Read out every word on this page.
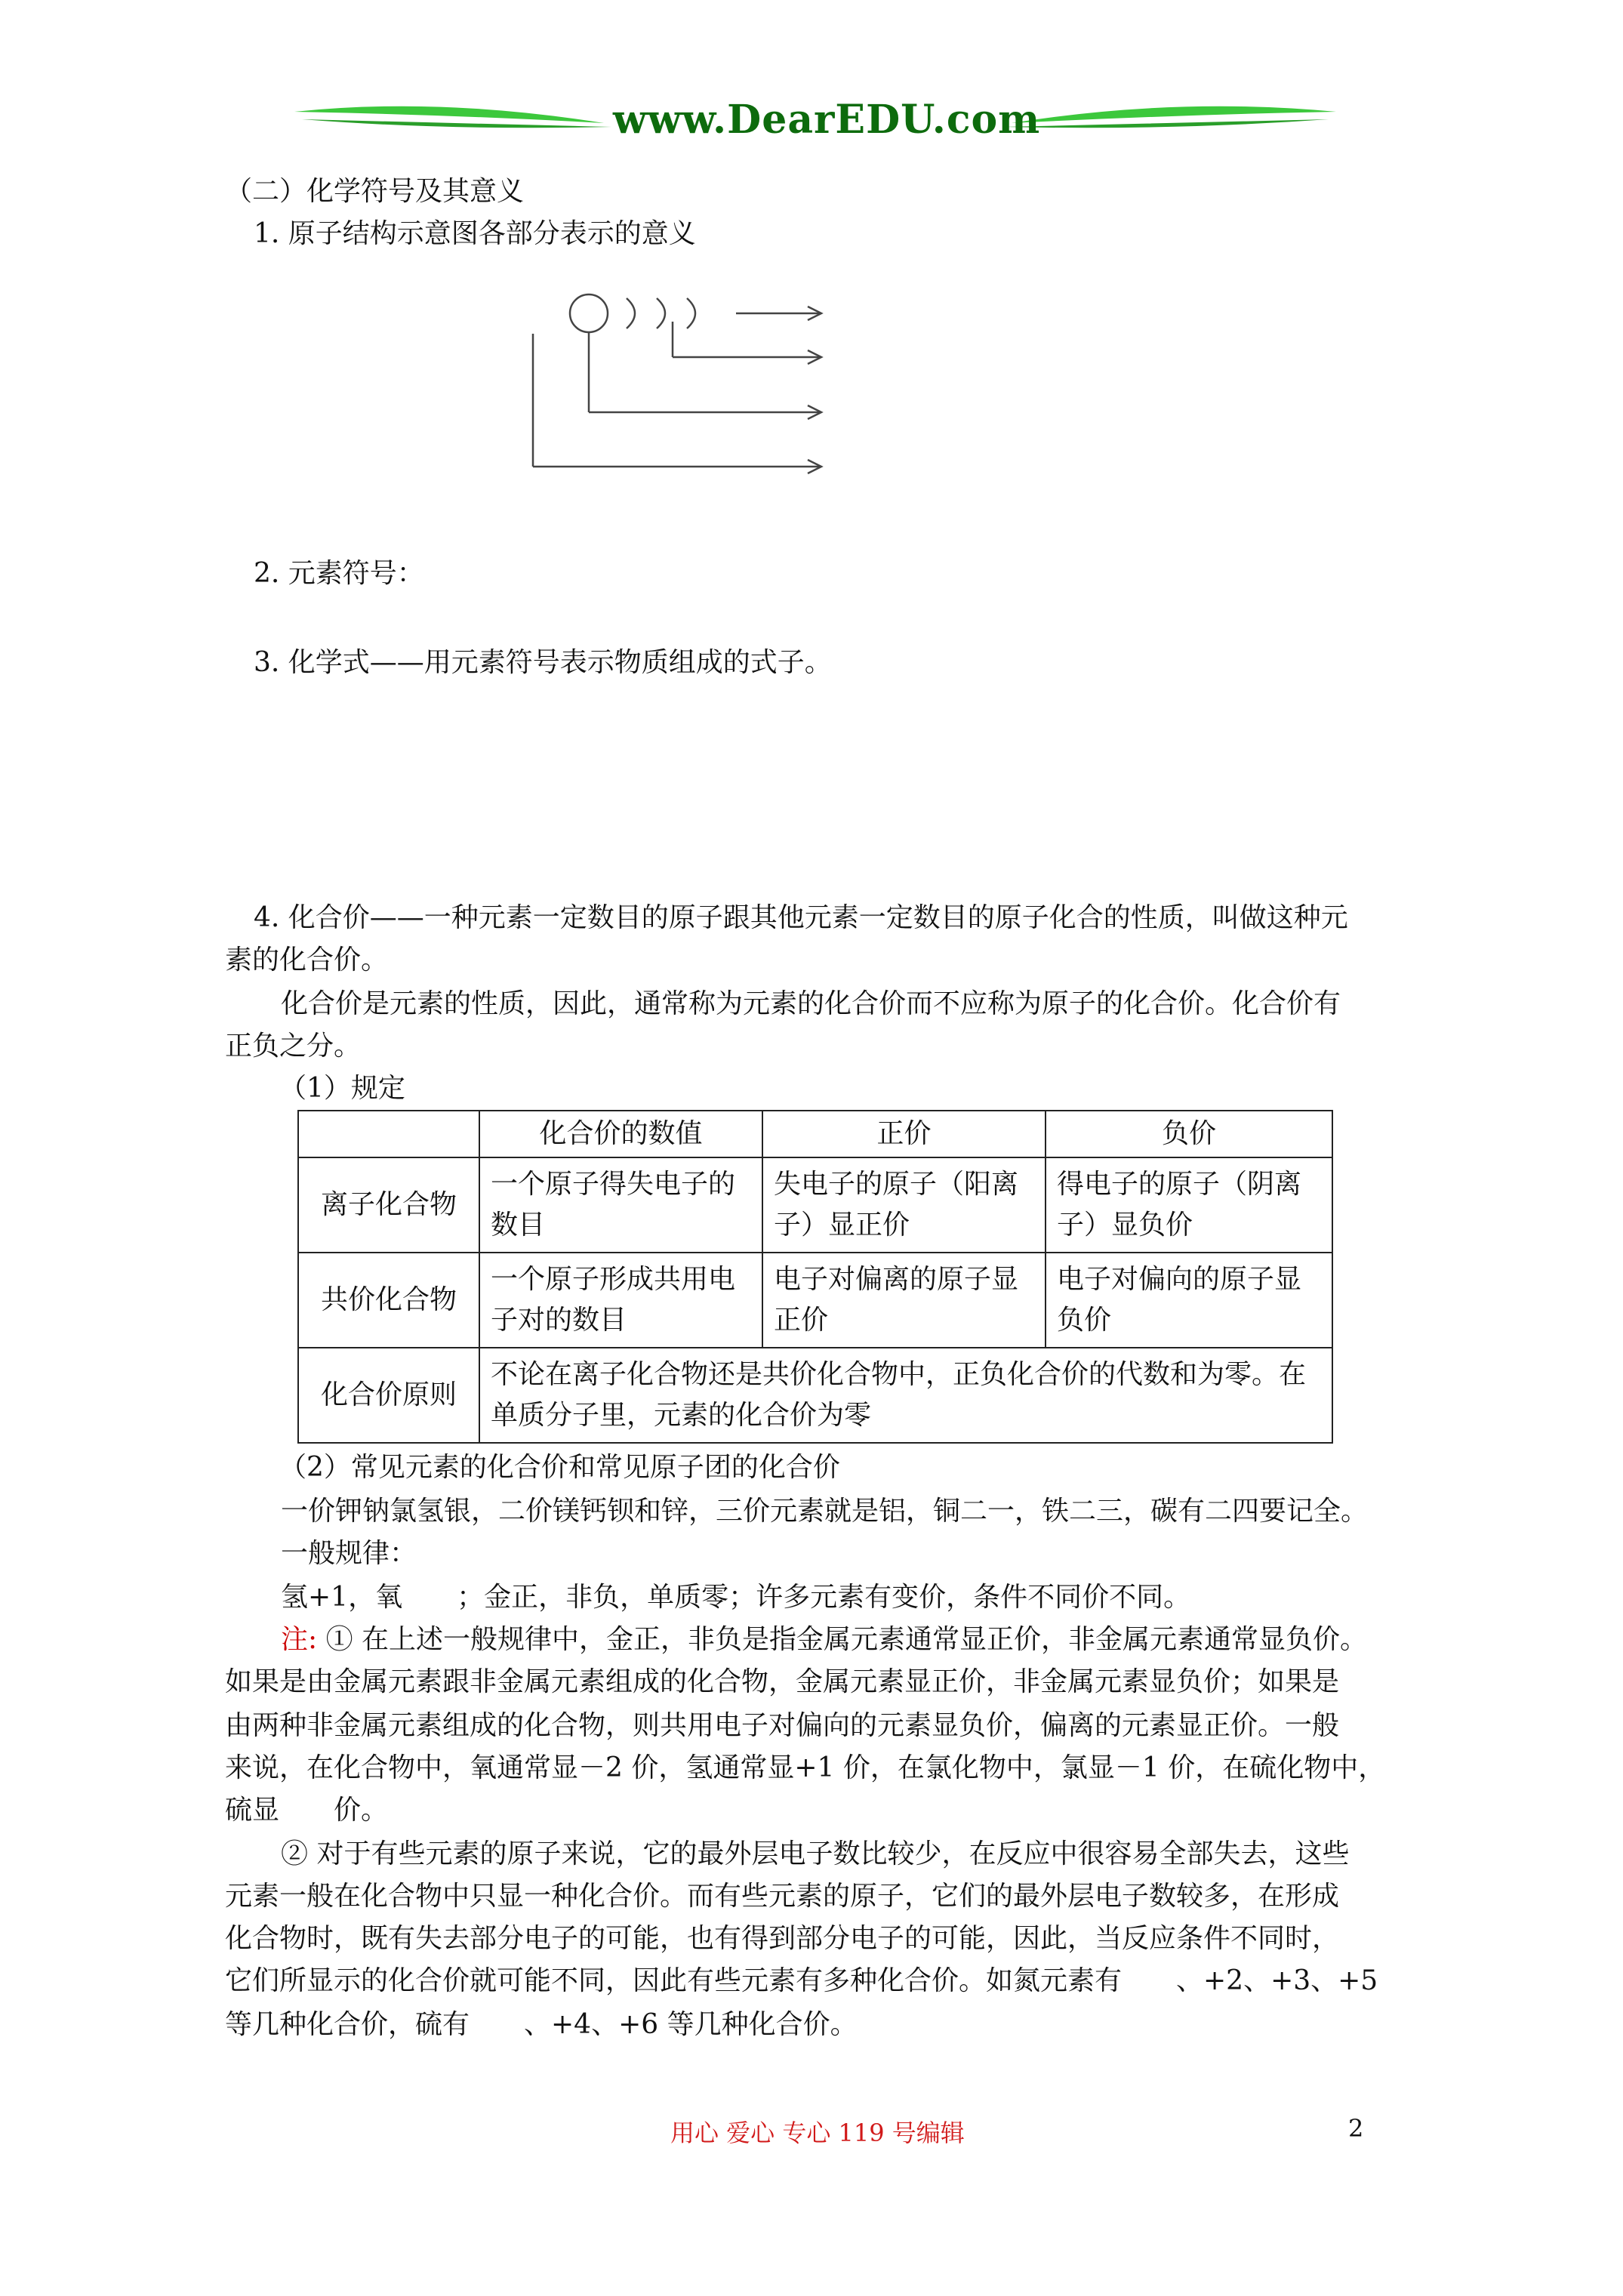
www.DearEDU.com
（二）化学符号及其意义
1. 原子结构示意图各部分表示的意义
2. 元素符号：
3. 化学式——用元素符号表示物质组成的式子。
4. 化合价——一种元素一定数目的原子跟其他元素一定数目的原子化合的性质，叫做这种元
素的化合价。
化合价是元素的性质，因此，通常称为元素的化合价而不应称为原子的化合价。化合价有
正负之分。
（1）规定
	化合价的数值	正价	负价
离子化合物	一个原子得失电子的数目	失电子的原子（阳离子）显正价	得电子的原子（阴离子）显负价
共价化合物	一个原子形成共用电子对的数目	电子对偏离的原子显正价	电子对偏向的原子显负价
化合价原则	不论在离子化合物还是共价化合物中，正负化合价的代数和为零。在单质分子里，元素的化合价为零		
（2）常见元素的化合价和常见原子团的化合价
一价钾钠氯氢银，二价镁钙钡和锌，三价元素就是铝，铜二一，铁二三，碳有二四要记全。
一般规律：
氢+1，氧　　；金正，非负，单质零；许多元素有变价，条件不同价不同。
注: ① 在上述一般规律中，金正，非负是指金属元素通常显正价，非金属元素通常显负价。
如果是由金属元素跟非金属元素组成的化合物，金属元素显正价，非金属元素显负价；如果是
由两种非金属元素组成的化合物，则共用电子对偏向的元素显负价，偏离的元素显正价。一般
来说，在化合物中，氧通常显－2 价，氢通常显+1 价，在氯化物中，氯显－1 价，在硫化物中，
硫显　　价。
② 对于有些元素的原子来说，它的最外层电子数比较少，在反应中很容易全部失去，这些
元素一般在化合物中只显一种化合价。而有些元素的原子，它们的最外层电子数较多，在形成
化合物时，既有失去部分电子的可能，也有得到部分电子的可能，因此，当反应条件不同时，
它们所显示的化合价就可能不同，因此有些元素有多种化合价。如氮元素有　　、+2、+3、+5
等几种化合价，硫有　　、+4、+6 等几种化合价。
用心 爱心 专心 119 号编辑	2
